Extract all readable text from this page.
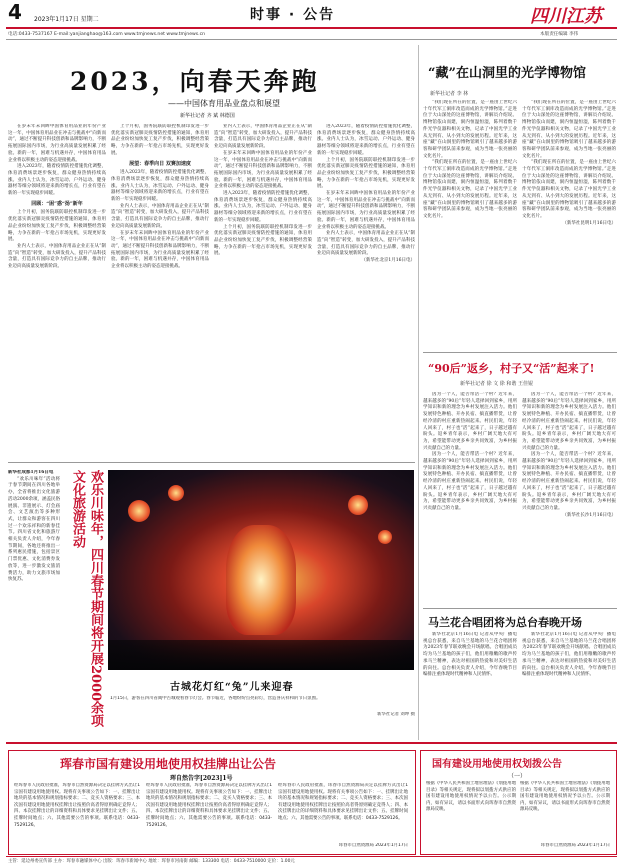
4 2023年1月17日 星期二	时事 · 公告	四川江苏
电话:0433-7537167 E-mail:yanjianghao@163.com www.tmjnews.net www.tmjnews.cn	本版责任编辑 李伟
2023，向春天奔跑
——中国体育用品业盘点和展望
新华社记者 齐 斌 林德国

在岁末年末回眸中国体育用品业的年份产业这一年，中国体育用品业在冲击与挑战中“向新而动”，通过不断提升科技创新和品牌影响力，不断拓展国际国内市场，为行业高质量发展积累了经验。新的一年，困难与机遇并存，中国体育用品企业将以积极主动的姿态迎接挑战。

进入2023年，随着疫情防控措施优化调整，体育消费场景逐步恢复，群众健身热情持续高涨。业内人士认为，冰雪运动、户外运动、健身器材等细分领域将迎来新的增长点，行业有望在新的一年实现稳步回暖。

回顾：“困”惑“扬”新年

上个月初，国务院联防联控机制印发进一步优化落实新冠肺炎疫情防控措施的通知，体育用品企业纷纷加快复工复产步伐，积极调整经营策略，力争在新的一年抢占市场先机，实现更好发展。

业内人士表示，中国体育用品企业正在从“制造”向“智造”转变，加大研发投入，提升产品科技含量，打造具有国际竞争力的自主品牌，推动行业迈向高质量发展新阶段。

上个月初，国务院联防联控机制印发进一步优化落实新冠肺炎疫情防控措施的通知，体育用品企业纷纷加快复工复产步伐，积极调整经营策略，力争在新的一年抢占市场先机，实现更好发展。

展望：春季向日 双赛加速度

进入2023年，随着疫情防控措施优化调整，体育消费场景逐步恢复，群众健身热情持续高涨。业内人士认为，冰雪运动、户外运动、健身器材等细分领域将迎来新的增长点，行业有望在新的一年实现稳步回暖。

业内人士表示，中国体育用品企业正在从“制造”向“智造”转变，加大研发投入，提升产品科技含量，打造具有国际竞争力的自主品牌，推动行业迈向高质量发展新阶段。

在岁末年末回眸中国体育用品业的年份产业这一年，中国体育用品业在冲击与挑战中“向新而动”，通过不断提升科技创新和品牌影响力，不断拓展国际国内市场，为行业高质量发展积累了经验。新的一年，困难与机遇并存，中国体育用品企业将以积极主动的姿态迎接挑战。

业内人士表示，中国体育用品企业正在从“制造”向“智造”转变，加大研发投入，提升产品科技含量，打造具有国际竞争力的自主品牌，推动行业迈向高质量发展新阶段。

在岁末年末回眸中国体育用品业的年份产业这一年，中国体育用品业在冲击与挑战中“向新而动”，通过不断提升科技创新和品牌影响力，不断拓展国际国内市场，为行业高质量发展积累了经验。新的一年，困难与机遇并存，中国体育用品企业将以积极主动的姿态迎接挑战。

进入2023年，随着疫情防控措施优化调整，体育消费场景逐步恢复，群众健身热情持续高涨。业内人士认为，冰雪运动、户外运动、健身器材等细分领域将迎来新的增长点，行业有望在新的一年实现稳步回暖。

上个月初，国务院联防联控机制印发进一步优化落实新冠肺炎疫情防控措施的通知，体育用品企业纷纷加快复工复产步伐，积极调整经营策略，力争在新的一年抢占市场先机，实现更好发展。

进入2023年，随着疫情防控措施优化调整，体育消费场景逐步恢复，群众健身热情持续高涨。业内人士认为，冰雪运动、户外运动、健身器材等细分领域将迎来新的增长点，行业有望在新的一年实现稳步回暖。

上个月初，国务院联防联控机制印发进一步优化落实新冠肺炎疫情防控措施的通知，体育用品企业纷纷加快复工复产步伐，积极调整经营策略，力争在新的一年抢占市场先机，实现更好发展。

在岁末年末回眸中国体育用品业的年份产业这一年，中国体育用品业在冲击与挑战中“向新而动”，通过不断提升科技创新和品牌影响力，不断拓展国际国内市场，为行业高质量发展积累了经验。新的一年，困难与机遇并存，中国体育用品企业将以积极主动的姿态迎接挑战。

业内人士表示，中国体育用品企业正在从“制造”向“智造”转变，加大研发投入，提升产品科技含量，打造具有国际竞争力的自主品牌，推动行业迈向高质量发展新阶段。

（新华社北京1月16日电）
新华社成都1月16日电

“欢乐川味年”活动将于春节期间在四川各地举办，全省将推出文化旅游活动2000余项，涵盖民俗展演、非遗展示、灯会庙会、文艺演出等多种形式，让群众和游客在四川过一个欢乐祥和的新春佳节。四川省文化和旅游厅相关负责人介绍，今年春节期间，各地还将推出一系列惠民措施，包括景区门票优惠、文化消费券发放等，进一步激发文旅消费活力，助力文旅市场加快复苏。	欢乐川味年，四川春节期间将开展2000余项文化旅游活动
古城花灯红“兔”儿来迎春
1月15日，游客在四川省阆中古城观看春节灯会。春节临近，各地纷纷点亮彩灯，营造喜庆祥和的节日氛围。
新华社记者 刘坤 摄
“藏”在山洞里的光学博物馆
新华社记者 李 林

“我们现在所在的位置，是一座由上世纪六十年代军工洞库改造而成的光学博物馆。”走进位于大山深处的这座博物馆，讲解员介绍说。博物馆依山而建，洞内恒温恒湿，陈列着数千件光学仪器和相关文物，记录了中国光学工业从无到有、从小到大的发展历程。近年来，这座“藏”在山洞里的博物馆吸引了越来越多的游客和研学团队前来参观，成为当地一张亮丽的文化名片。

“我们现在所在的位置，是一座由上世纪六十年代军工洞库改造而成的光学博物馆。”走进位于大山深处的这座博物馆，讲解员介绍说。博物馆依山而建，洞内恒温恒湿，陈列着数千件光学仪器和相关文物，记录了中国光学工业从无到有、从小到大的发展历程。近年来，这座“藏”在山洞里的博物馆吸引了越来越多的游客和研学团队前来参观，成为当地一张亮丽的文化名片。

“我们现在所在的位置，是一座由上世纪六十年代军工洞库改造而成的光学博物馆。”走进位于大山深处的这座博物馆，讲解员介绍说。博物馆依山而建，洞内恒温恒湿，陈列着数千件光学仪器和相关文物，记录了中国光学工业从无到有、从小到大的发展历程。近年来，这座“藏”在山洞里的博物馆吸引了越来越多的游客和研学团队前来参观，成为当地一张亮丽的文化名片。

“我们现在所在的位置，是一座由上世纪六十年代军工洞库改造而成的光学博物馆。”走进位于大山深处的这座博物馆，讲解员介绍说。博物馆依山而建，洞内恒温恒湿，陈列着数千件光学仪器和相关文物，记录了中国光学工业从无到有、从小到大的发展历程。近年来，这座“藏”在山洞里的博物馆吸引了越来越多的游客和研学团队前来参观，成为当地一张亮丽的文化名片。

（新华社昆明1月16日电）
“90后”返乡，村子又“活”起来了!
新华社记者 徐 文 徐 和谐 王佳锟

因为一个人，能否带活一个村？近年来，越来越多的“90后”年轻人选择回到家乡，用所学知识和新的理念为乡村发展注入活力。他们发展特色种植、开办民宿、搞直播带货，让曾经冷清的村庄重新热闹起来。村民们说，年轻人回来了，村子也“活”起来了，日子越过越有盼头。返乡青年表示，乡村广阔天地大有可为，希望能带动更多乡亲共同致富，为乡村振兴贡献自己的力量。

因为一个人，能否带活一个村？近年来，越来越多的“90后”年轻人选择回到家乡，用所学知识和新的理念为乡村发展注入活力。他们发展特色种植、开办民宿、搞直播带货，让曾经冷清的村庄重新热闹起来。村民们说，年轻人回来了，村子也“活”起来了，日子越过越有盼头。返乡青年表示，乡村广阔天地大有可为，希望能带动更多乡亲共同致富，为乡村振兴贡献自己的力量。

因为一个人，能否带活一个村？近年来，越来越多的“90后”年轻人选择回到家乡，用所学知识和新的理念为乡村发展注入活力。他们发展特色种植、开办民宿、搞直播带货，让曾经冷清的村庄重新热闹起来。村民们说，年轻人回来了，村子也“活”起来了，日子越过越有盼头。返乡青年表示，乡村广阔天地大有可为，希望能带动更多乡亲共同致富，为乡村振兴贡献自己的力量。

因为一个人，能否带活一个村？近年来，越来越多的“90后”年轻人选择回到家乡，用所学知识和新的理念为乡村发展注入活力。他们发展特色种植、开办民宿、搞直播带货，让曾经冷清的村庄重新热闹起来。村民们说，年轻人回来了，村子也“活”起来了，日子越过越有盼头。返乡青年表示，乡村广阔天地大有可为，希望能带动更多乡亲共同致富，为乡村振兴贡献自己的力量。

（新华社长沙1月16日电）
马兰花合唱团将为总台春晚开场

新华社北京1月16日电 记者从中央广播电视总台获悉，来自马兰基地的马兰花合唱团将为2023年春节联欢晚会开场献唱。合唱团成员均为马兰基地的孩子们，他们用稚嫩的歌声传承马兰精神，表达对祖国的热爱和对美好生活的向往。总台相关负责人介绍，今年春晚节目编排注重体现时代精神和人民情怀。

新华社北京1月16日电 记者从中央广播电视总台获悉，来自马兰基地的马兰花合唱团将为2023年春节联欢晚会开场献唱。合唱团成员均为马兰基地的孩子们，他们用稚嫩的歌声传承马兰精神，表达对祖国的热爱和对美好生活的向往。总台相关负责人介绍，今年春晚节目编排注重体现时代精神和人民情怀。

珲春市国有建设用地使用权挂牌出让公告
珲自然告字[2023]1号
经珲春市人民政府批准，珲春市自然资源局决定以挂牌方式出让1宗国有建设用地使用权。现将有关事项公告如下：一、挂牌出让地块的基本情况和规划指标要求；二、竞买人资格要求；三、本次国有建设用地使用权挂牌出让按照价高者得原则确定竞得人；四、本次挂牌出让的详细资料和具体要求见挂牌出让文件；五、挂牌时间地点；六、其他需要公告的事项。联系电话：0433-7529126。
经珲春市人民政府批准，珲春市自然资源局决定以挂牌方式出让1宗国有建设用地使用权。现将有关事项公告如下：一、挂牌出让地块的基本情况和规划指标要求；二、竞买人资格要求；三、本次国有建设用地使用权挂牌出让按照价高者得原则确定竞得人；四、本次挂牌出让的详细资料和具体要求见挂牌出让文件；五、挂牌时间地点；六、其他需要公告的事项。联系电话：0433-7529126。
经珲春市人民政府批准，珲春市自然资源局决定以挂牌方式出让1宗国有建设用地使用权。现将有关事项公告如下：一、挂牌出让地块的基本情况和规划指标要求；二、竞买人资格要求；三、本次国有建设用地使用权挂牌出让按照价高者得原则确定竞得人；四、本次挂牌出让的详细资料和具体要求见挂牌出让文件；五、挂牌时间地点；六、其他需要公告的事项。联系电话：0433-7529126。
珲春市自然资源局 2023年1月17日
国有建设用地使用权划拨公告
（一）
根据《中华人民共和国土地管理法》《划拨用地目录》等相关规定，现将拟以划拨方式供应的国有建设用地使用权情况予以公告。公示期内，如有异议，请以书面形式向珲春市自然资源局反映。
根据《中华人民共和国土地管理法》《划拨用地目录》等相关规定，现将拟以划拨方式供应的国有建设用地使用权情况予以公告。公示期内，如有异议，请以书面形式向珲春市自然资源局反映。
珲春市自然资源局 2023年1月17日
主管：延边州委宣传部 主办：珲春市融媒体中心 出版：珲春市新闻中心 地址：珲春市河南街 邮编：133300 电话：0433-7510000 定价：1.00元
